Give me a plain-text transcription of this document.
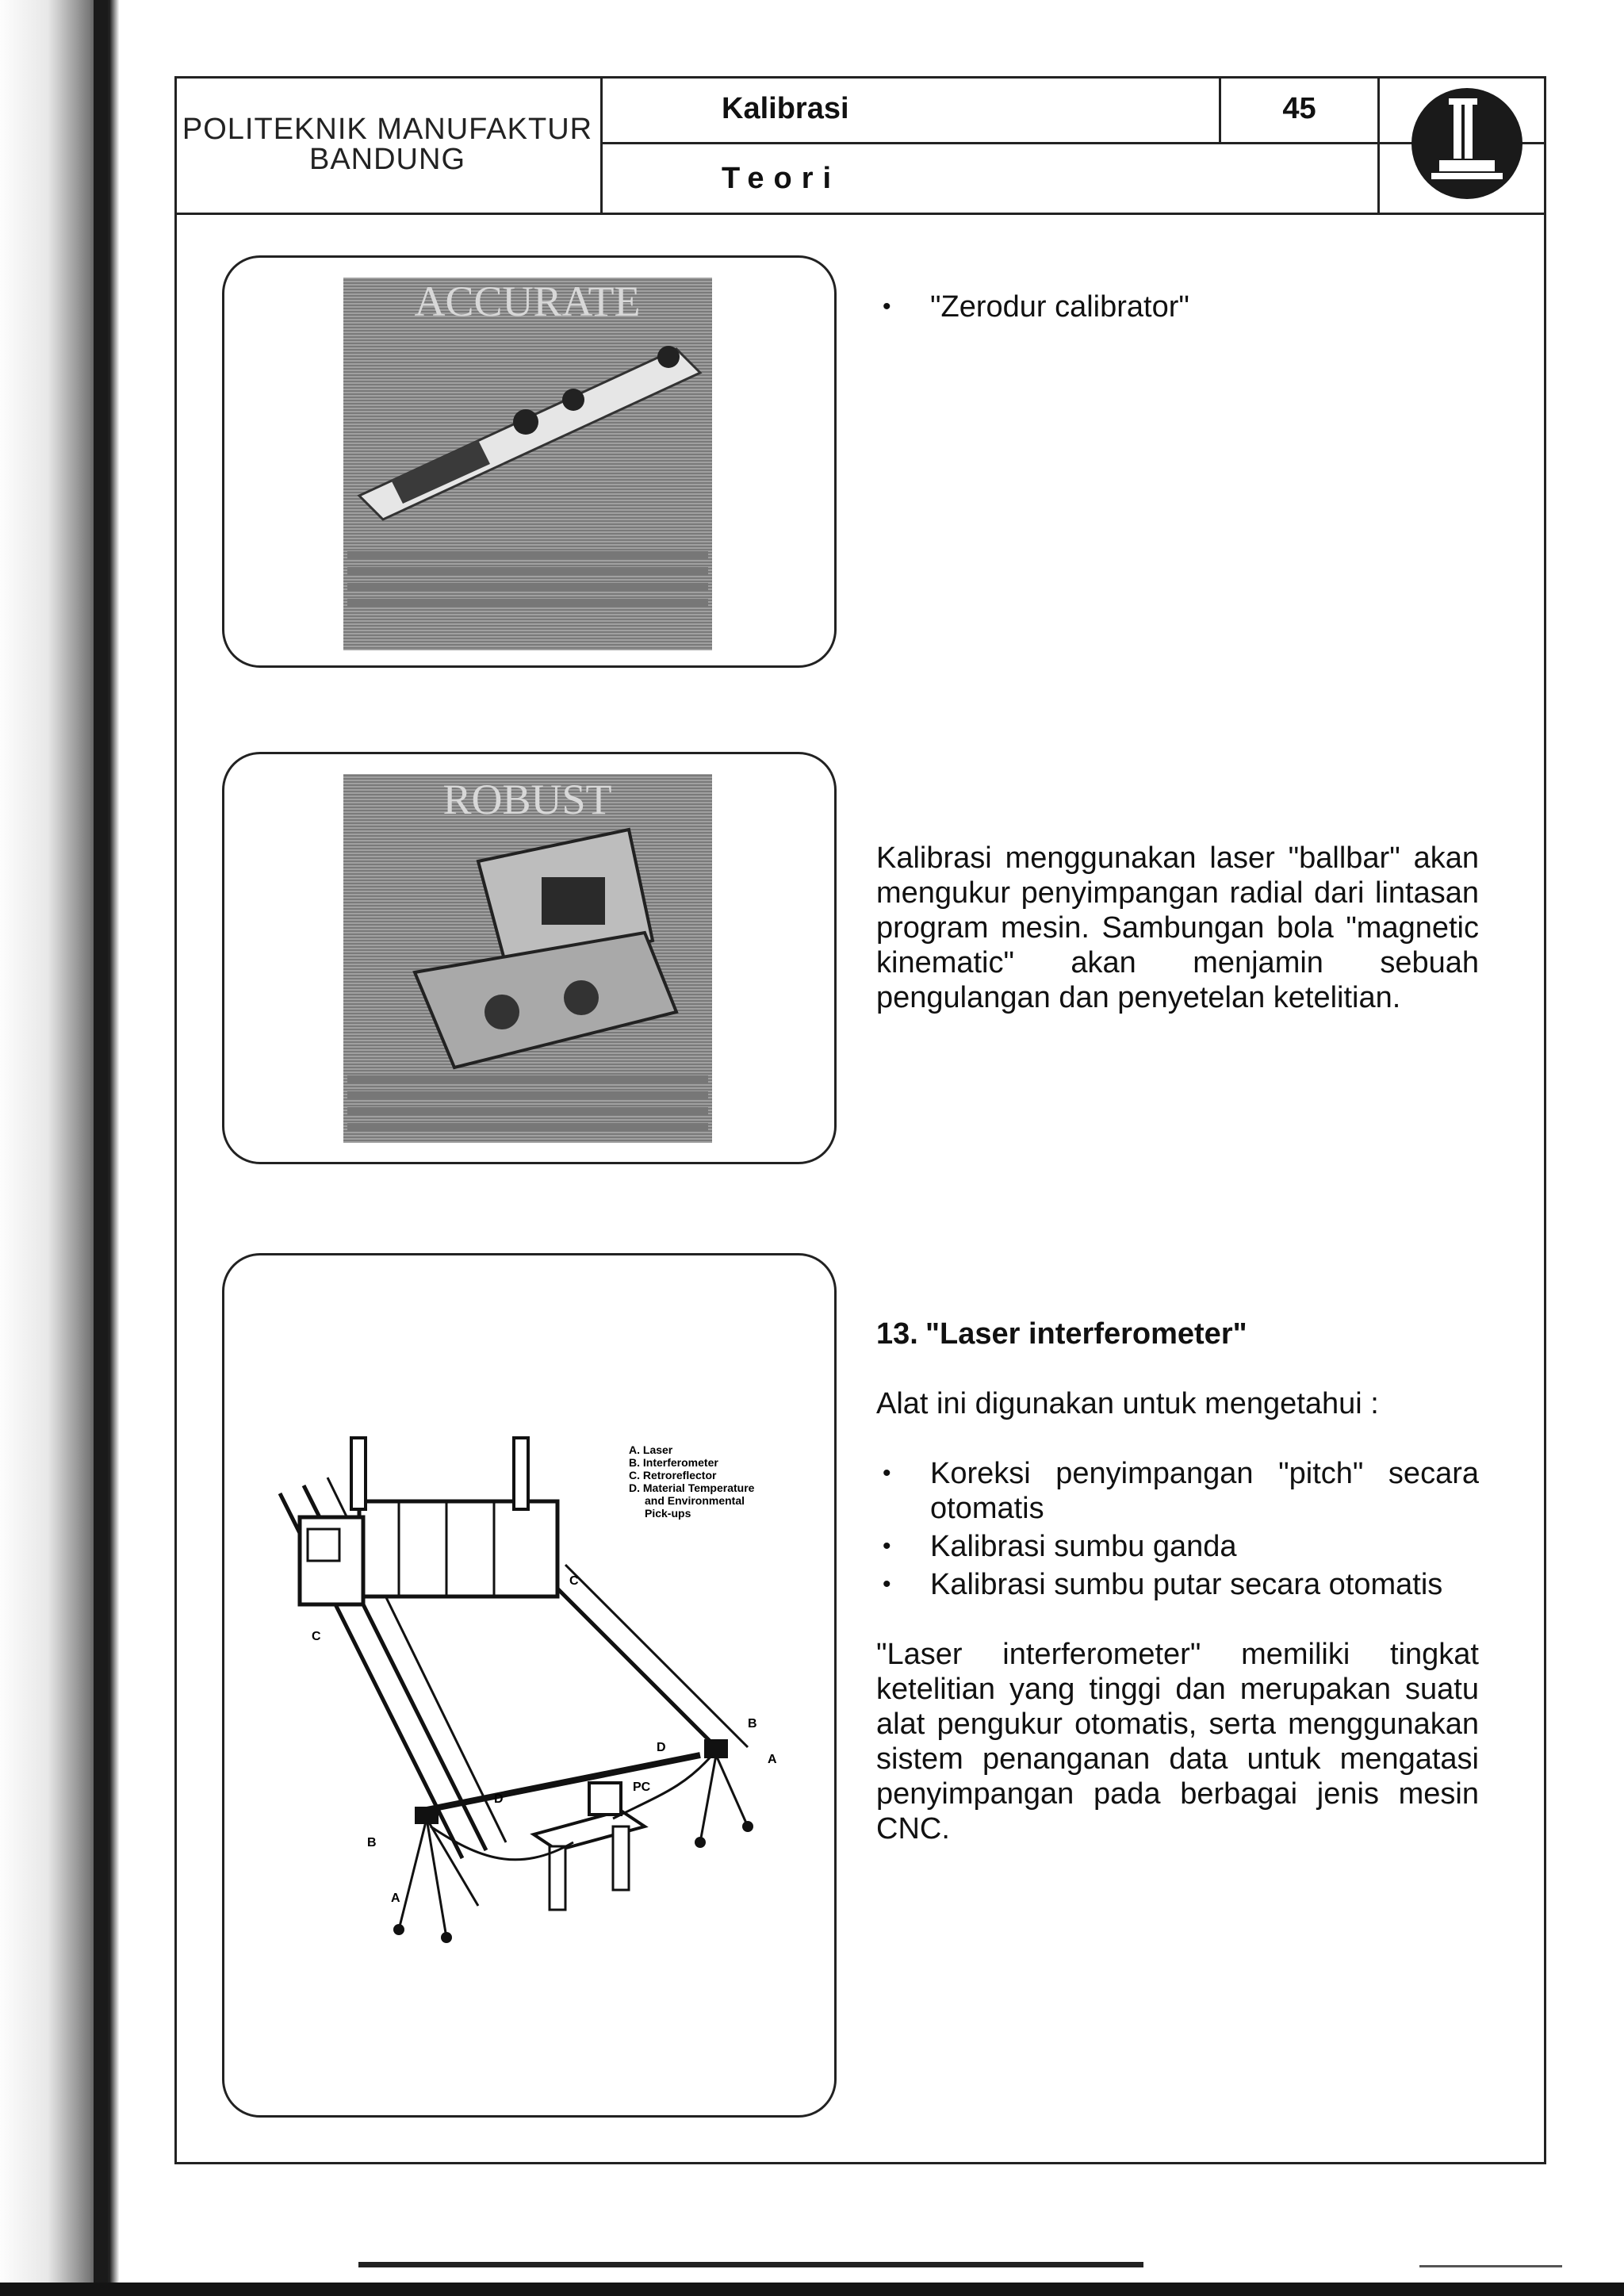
POLITEKNIK MANUFAKTUR
BANDUNG
Kalibrasi	45
Teori
ACCURATE
ROBUST
B
A
D
D
B
A
C
C
PC
A. Laser
B. Interferometer
C. Retroreflector
D. Material Temperature
and Environmental
Pick-ups
•	"Zerodur calibrator"
Kalibrasi menggunakan laser "ballbar" akan mengukur penyimpangan radial dari lintasan program mesin. Sambungan bola "magnetic kinematic" akan menjamin sebuah pengulangan dan penyetelan ketelitian.
13. "Laser interferometer"
Alat ini digunakan untuk mengetahui :
•	Koreksi penyimpangan "pitch" secara otomatis
•	Kalibrasi sumbu ganda
•	Kalibrasi sumbu putar secara otomatis
"Laser interferometer" memiliki tingkat ketelitian yang tinggi dan merupakan suatu alat pengukur otomatis, serta menggunakan sistem penanganan data untuk mengatasi penyimpangan pada berbagai jenis mesin CNC.
